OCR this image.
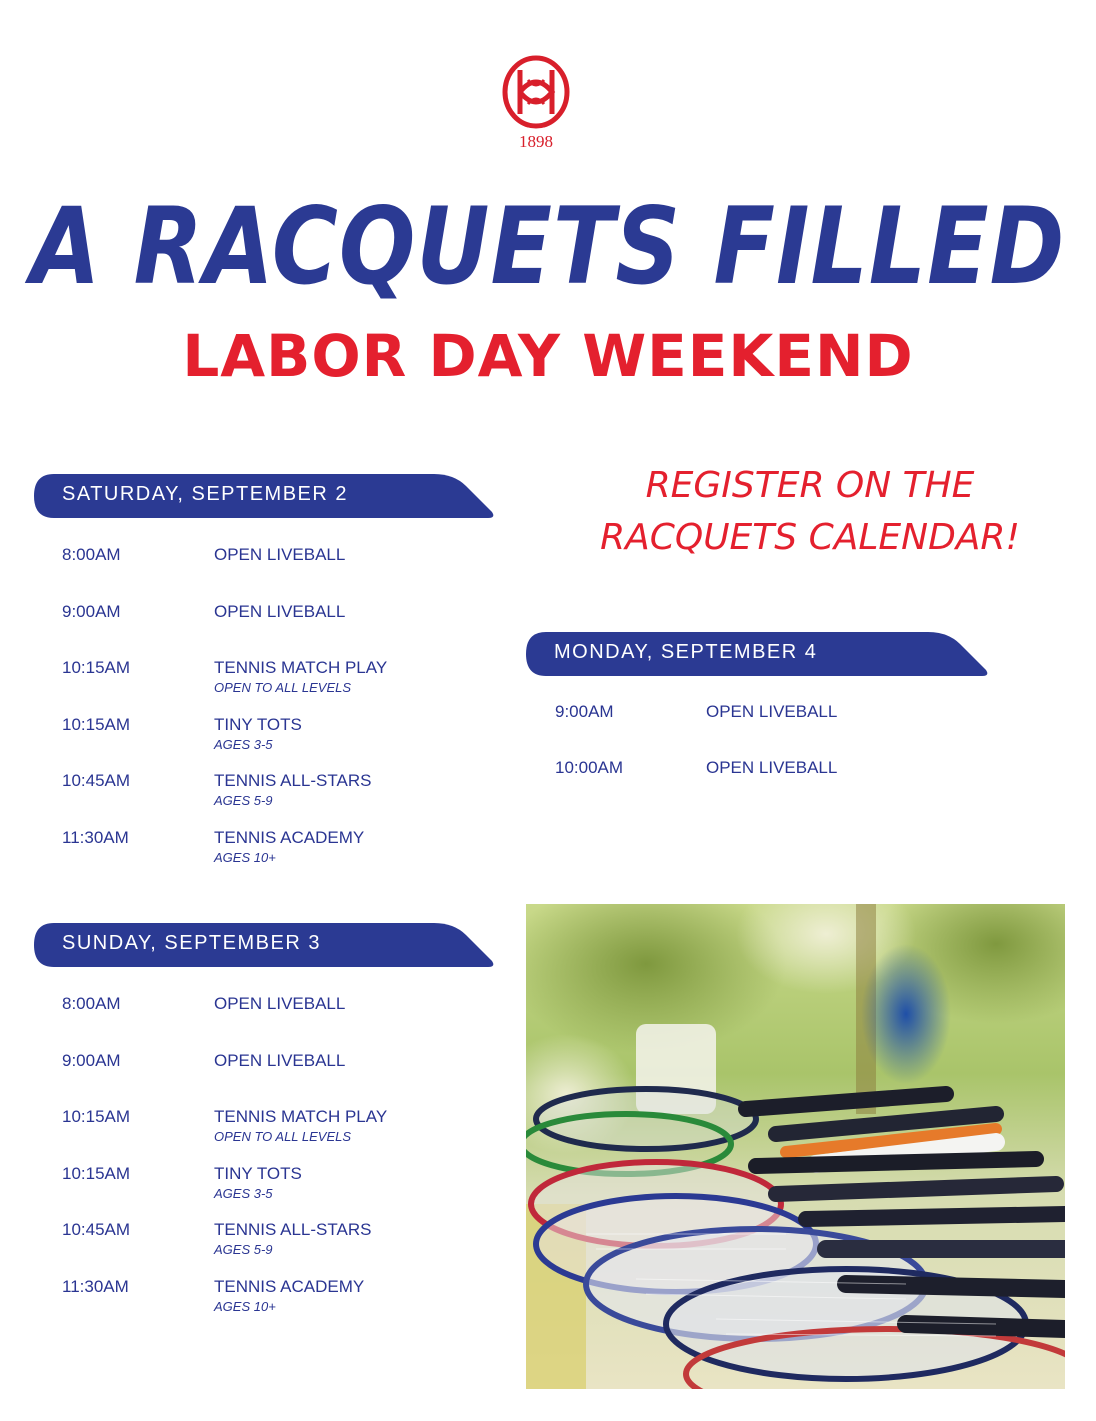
1898
A RACQUETS FILLED
LABOR DAY WEEKEND
REGISTER ON THE
RACQUETS CALENDAR!
SATURDAY, SEPTEMBER 2
8:00AM	OPEN LIVEBALL
9:00AM	OPEN LIVEBALL
10:15AM	TENNIS MATCH PLAY
OPEN TO ALL LEVELS
10:15AM	TINY TOTS
AGES 3-5
10:45AM	TENNIS ALL-STARS
AGES 5-9
11:30AM	TENNIS ACADEMY
AGES 10+
MONDAY, SEPTEMBER 4
9:00AM	OPEN LIVEBALL
10:00AM	OPEN LIVEBALL
SUNDAY, SEPTEMBER 3
8:00AM	OPEN LIVEBALL
9:00AM	OPEN LIVEBALL
10:15AM	TENNIS MATCH PLAY
OPEN TO ALL LEVELS
10:15AM	TINY TOTS
AGES 3-5
10:45AM	TENNIS ALL-STARS
AGES 5-9
11:30AM	TENNIS ACADEMY
AGES 10+
